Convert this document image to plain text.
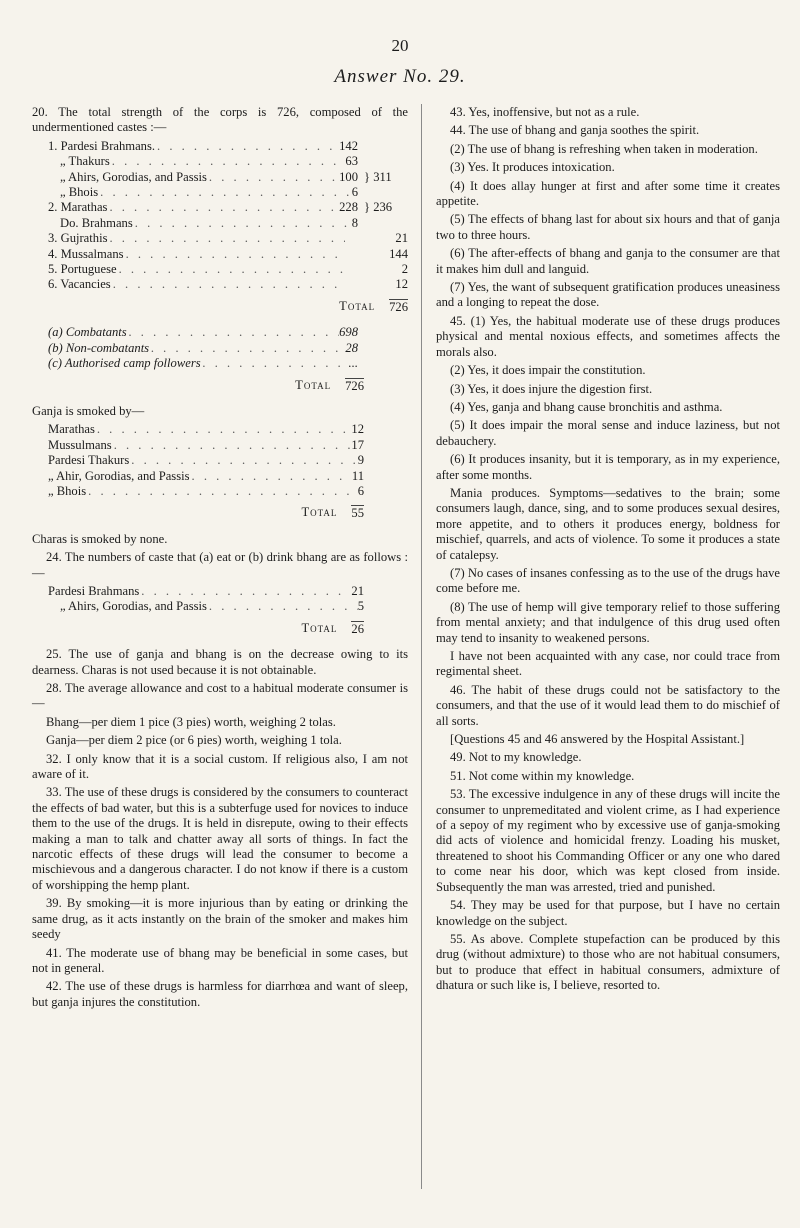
20
Answer No. 29.

20. The total strength of the corps is 726, composed of the undermentioned castes :—

1. Pardesi Brahmans. . . .	142
„ Thakurs . . .	63
„ Ahirs, Gorodias, and Passis . . .	100 } 311
„ Bhois . . .	6
2. Marathas . . .	228 } 236
Do. Brahmans . . .	8
3. Gujrathis . . .	21
4. Mussalmans . . .	144
5. Portuguese . . .	2
6. Vacancies . . .	12
Total 726
(a) Combatants . . .	698
(b) Non-combatants . . .	28
(c) Authorised camp followers . . .	...
Total 726

Ganja is smoked by—

Marathas . . .	12
Mussulmans . . .	17
Pardesi Thakurs . . .	9
„ Ahir, Gorodias, and Passis . . .	11
„ Bhois . . .	6
Total 55

Charas is smoked by none.

24. The numbers of caste that (a) eat or (b) drink bhang are as follows :—

Pardesi Brahmans . . .	21
„ Ahirs, Gorodias, and Passis . . .	5
Total 26

25. The use of ganja and bhang is on the decrease owing to its dearness. Charas is not used because it is not obtainable.

28. The average allowance and cost to a habitual moderate consumer is—

Bhang—per diem 1 pice (3 pies) worth, weighing 2 tolas.

Ganja—per diem 2 pice (or 6 pies) worth, weighing 1 tola.

32. I only know that it is a social custom. If religious also, I am not aware of it.

33. The use of these drugs is considered by the consumers to counteract the effects of bad water, but this is a subterfuge used for novices to induce them to the use of the drugs. It is held in disrepute, owing to their effects making a man to talk and chatter away all sorts of things. In fact the narcotic effects of these drugs will lead the consumer to become a mischievous and a dangerous character. I do not know if there is a custom of worshipping the hemp plant.

39. By smoking—it is more injurious than by eating or drinking the same drug, as it acts instantly on the brain of the smoker and makes him seedy

41. The moderate use of bhang may be beneficial in some cases, but not in general.

42. The use of these drugs is harmless for diarrhœa and want of sleep, but ganja injures the constitution.

43. Yes, inoffensive, but not as a rule.

44. The use of bhang and ganja soothes the spirit.

(2) The use of bhang is refreshing when taken in moderation.

(3) Yes. It produces intoxication.

(4) It does allay hunger at first and after some time it creates appetite.

(5) The effects of bhang last for about six hours and that of ganja two to three hours.

(6) The after-effects of bhang and ganja to the consumer are that it makes him dull and languid.

(7) Yes, the want of subsequent gratification produces uneasiness and a longing to repeat the dose.

45. (1) Yes, the habitual moderate use of these drugs produces physical and mental noxious effects, and sometimes affects the morals also.

(2) Yes, it does impair the constitution.

(3) Yes, it does injure the digestion first.

(4) Yes, ganja and bhang cause bronchitis and asthma.

(5) It does impair the moral sense and induce laziness, but not debauchery.

(6) It produces insanity, but it is temporary, as in my experience, after some months.

Mania produces. Symptoms—sedatives to the brain; some consumers laugh, dance, sing, and to some produces sexual desires, more appetite, and to others it produces energy, boldness for mischief, quarrels, and acts of violence. To some it produces a state of catalepsy.

(7) No cases of insanes confessing as to the use of the drugs have come before me.

(8) The use of hemp will give temporary relief to those suffering from mental anxiety; and that indulgence of this drug used often may tend to insanity to weakened persons.

I have not been acquainted with any case, nor could trace from regimental sheet.

46. The habit of these drugs could not be satisfactory to the consumers, and that the use of it would lead them to do mischief of all sorts.

[Questions 45 and 46 answered by the Hospital Assistant.]

49. Not to my knowledge.

51. Not come within my knowledge.

53. The excessive indulgence in any of these drugs will incite the consumer to unpremeditated and violent crime, as I had experience of a sepoy of my regiment who by excessive use of ganja-smoking did acts of violence and homicidal frenzy. Loading his musket, threatened to shoot his Commanding Officer or any one who dared to come near his door, which was kept closed from inside. Subsequently the man was arrested, tried and punished.

54. They may be used for that purpose, but I have no certain knowledge on the subject.

55. As above. Complete stupefaction can be produced by this drug (without admixture) to those who are not habitual consumers, but to produce that effect in habitual consumers, admixture of dhatura or such like is, I believe, resorted to.
